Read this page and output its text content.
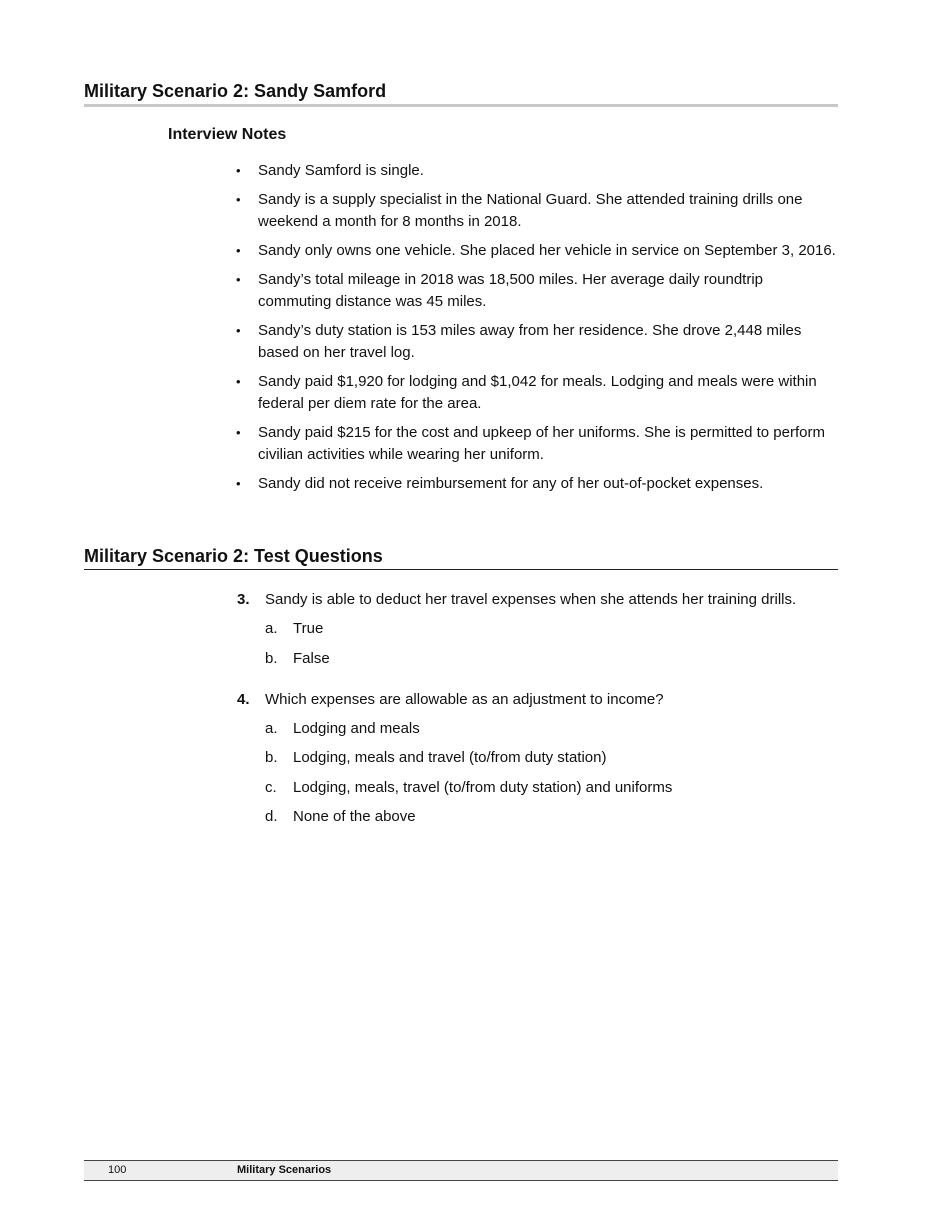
Military Scenario 2: Sandy Samford
Interview Notes
•	Sandy Samford is single.
•	Sandy is a supply specialist in the National Guard. She attended training drills one weekend a month for 8 months in 2018.
•	Sandy only owns one vehicle. She placed her vehicle in service on September 3, 2016.
•	Sandy’s total mileage in 2018 was 18,500 miles. Her average daily roundtrip commuting distance was 45 miles.
•	Sandy’s duty station is 153 miles away from her residence. She drove 2,448 miles based on her travel log.
•	Sandy paid $1,920 for lodging and $1,042 for meals. Lodging and meals were within federal per diem rate for the area.
•	Sandy paid $215 for the cost and upkeep of her uniforms. She is permitted to perform civilian activities while wearing her uniform.
•	Sandy did not receive reimbursement for any of her out-of-pocket expenses.
Military Scenario 2: Test Questions
3. Sandy is able to deduct her travel expenses when she attends her training drills.
a. True
b. False
4. Which expenses are allowable as an adjustment to income?
a. Lodging and meals
b. Lodging, meals and travel (to/from duty station)
c. Lodging, meals, travel (to/from duty station) and uniforms
d. None of the above
100	Military Scenarios
